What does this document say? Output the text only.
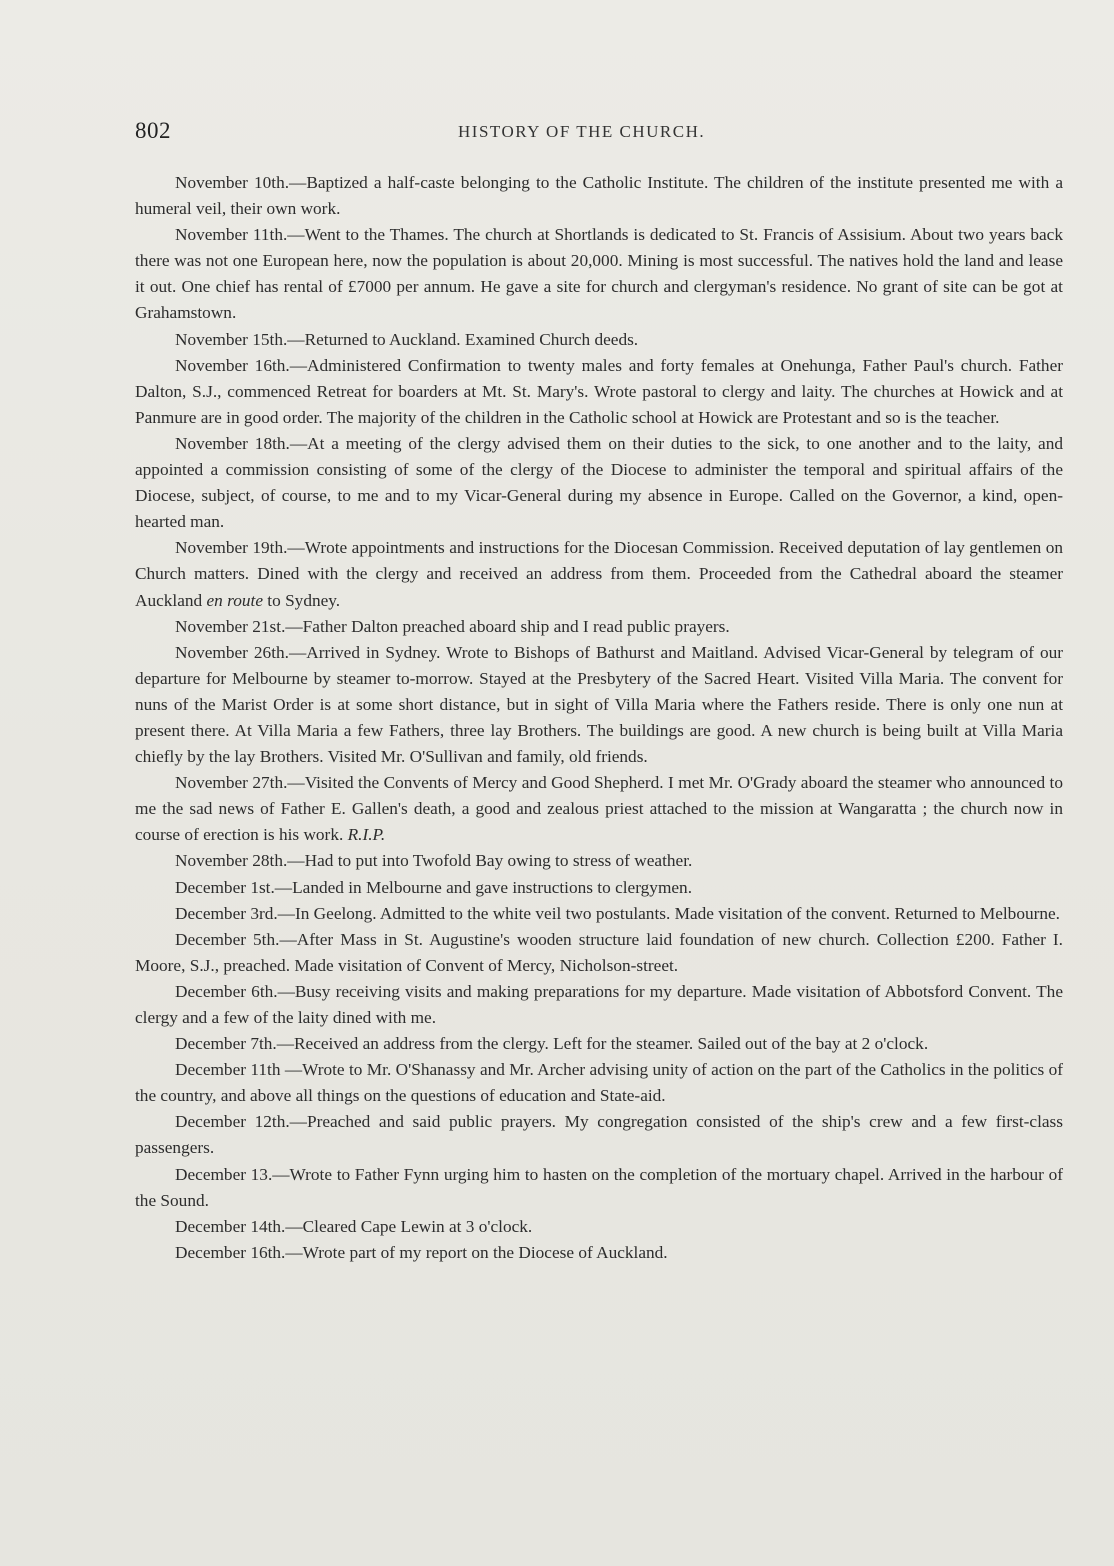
802	HISTORY OF THE CHURCH.

November 10th.—Baptized a half-caste belonging to the Catholic Institute. The children of the institute presented me with a humeral veil, their own work.

November 11th.—Went to the Thames. The church at Shortlands is dedicated to St. Francis of Assisium. About two years back there was not one European here, now the population is about 20,000. Mining is most successful. The natives hold the land and lease it out. One chief has rental of £7000 per annum. He gave a site for church and clergyman's residence. No grant of site can be got at Grahamstown.

November 15th.—Returned to Auckland. Examined Church deeds.

November 16th.—Administered Confirmation to twenty males and forty females at Onehunga, Father Paul's church. Father Dalton, S.J., commenced Retreat for boarders at Mt. St. Mary's. Wrote pastoral to clergy and laity. The churches at Howick and at Panmure are in good order. The majority of the children in the Catholic school at Howick are Protestant and so is the teacher.

November 18th.—At a meeting of the clergy advised them on their duties to the sick, to one another and to the laity, and appointed a commission consisting of some of the clergy of the Diocese to administer the temporal and spiritual affairs of the Diocese, subject, of course, to me and to my Vicar-General during my absence in Europe. Called on the Governor, a kind, open-hearted man.

November 19th.—Wrote appointments and instructions for the Diocesan Commission. Received deputation of lay gentlemen on Church matters. Dined with the clergy and received an address from them. Proceeded from the Cathedral aboard the steamer Auckland en route to Sydney.

November 21st.—Father Dalton preached aboard ship and I read public prayers.

November 26th.—Arrived in Sydney. Wrote to Bishops of Bathurst and Maitland. Advised Vicar-General by telegram of our departure for Melbourne by steamer to-morrow. Stayed at the Presbytery of the Sacred Heart. Visited Villa Maria. The convent for nuns of the Marist Order is at some short distance, but in sight of Villa Maria where the Fathers reside. There is only one nun at present there. At Villa Maria a few Fathers, three lay Brothers. The buildings are good. A new church is being built at Villa Maria chiefly by the lay Brothers. Visited Mr. O'Sullivan and family, old friends.

November 27th.—Visited the Convents of Mercy and Good Shepherd. I met Mr. O'Grady aboard the steamer who announced to me the sad news of Father E. Gallen's death, a good and zealous priest attached to the mission at Wangaratta ; the church now in course of erection is his work. R.I.P.

November 28th.—Had to put into Twofold Bay owing to stress of weather.

December 1st.—Landed in Melbourne and gave instructions to clergymen.

December 3rd.—In Geelong. Admitted to the white veil two postulants. Made visitation of the convent. Returned to Melbourne.

December 5th.—After Mass in St. Augustine's wooden structure laid foundation of new church. Collection £200. Father I. Moore, S.J., preached. Made visitation of Convent of Mercy, Nicholson-street.

December 6th.—Busy receiving visits and making preparations for my departure. Made visitation of Abbotsford Convent. The clergy and a few of the laity dined with me.

December 7th.—Received an address from the clergy. Left for the steamer. Sailed out of the bay at 2 o'clock.

December 11th —Wrote to Mr. O'Shanassy and Mr. Archer advising unity of action on the part of the Catholics in the politics of the country, and above all things on the questions of education and State-aid.

December 12th.—Preached and said public prayers. My congregation consisted of the ship's crew and a few first-class passengers.

December 13.—Wrote to Father Fynn urging him to hasten on the completion of the mortuary chapel. Arrived in the harbour of the Sound.

December 14th.—Cleared Cape Lewin at 3 o'clock.

December 16th.—Wrote part of my report on the Diocese of Auckland.
